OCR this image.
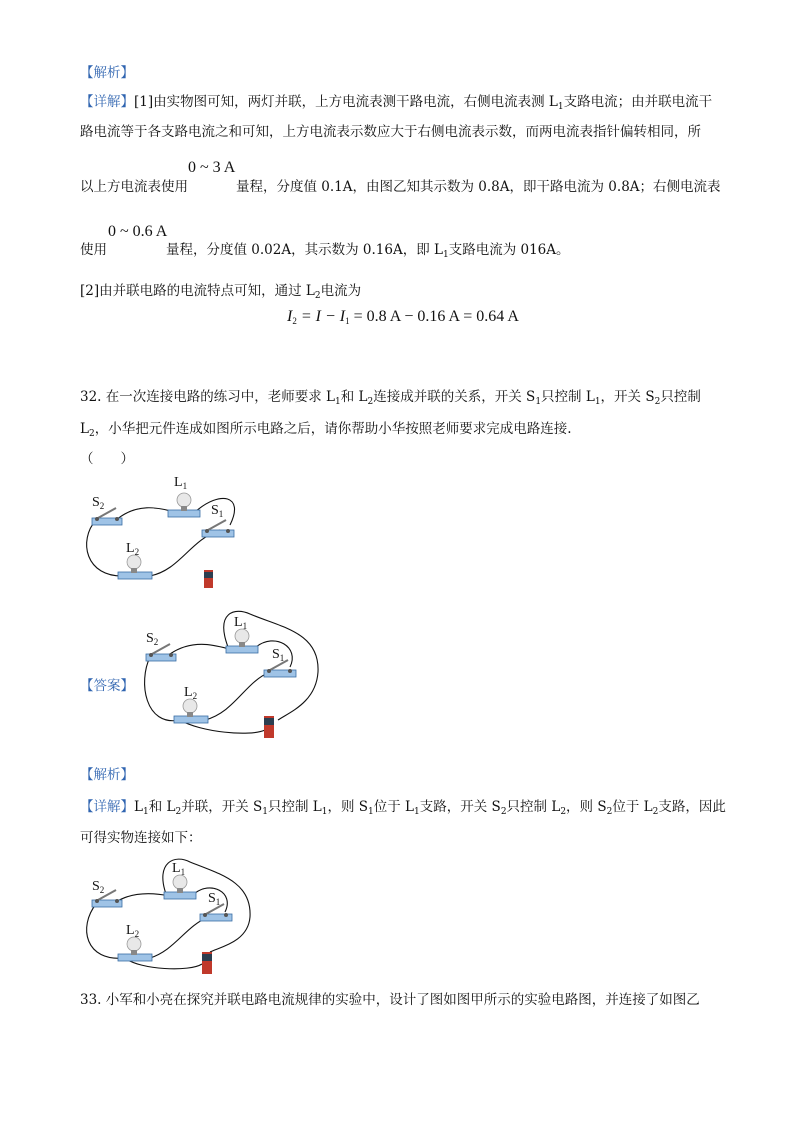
【解析】
【详解】[1]由实物图可知，两灯并联，上方电流表测干路电流，右侧电流表测 $L_1$支路电流；由并联电流干
路电流等于各支路电流之和可知，上方电流表示数应大于右侧电流表示数，而两电流表指针偏转相同，所
以上方电流表使用
0 ~ 3 A
量程，分度值 0.1A，由图乙知其示数为 0.8A，即干路电流为 0.8A；右侧电流表
使用
0 ~ 0.6 A
量程，分度值 0.02A，其示数为 0.16A，即 $L_1$支路电流为 016A。
[2]由并联电路的电流特点可知，通过 $L_2$电流为
$I_2 = I - I_1 = 0.8$ A − 0.16 A = 0.64 A
32. 在一次连接电路的练习中，老师要求 $L_1$和 $L_2$连接成并联的关系，开关 $S_1$只控制 $L_1$，开关 $S_2$只控制
$L_2$，小华把元件连成如图所示电路之后，请你帮助小华按照老师要求完成电路连接.
（　　）
$S_2$
$L_1$
$S_1$
$L_2$
【答案】
$S_2$
$L_1$
$S_1$
$L_2$
【解析】
【详解】$L_1$和 $L_2$并联，开关 $S_1$只控制 $L_1$，则 $S_1$位于 $L_1$支路，开关 $S_2$只控制 $L_2$，则 $S_2$位于 $L_2$支路，因此
可得实物连接如下：
$S_2$
$L_1$
$S_1$
$L_2$
33. 小军和小亮在探究并联电路电流规律的实验中，设计了图如图甲所示的实验电路图，并连接了如图乙
